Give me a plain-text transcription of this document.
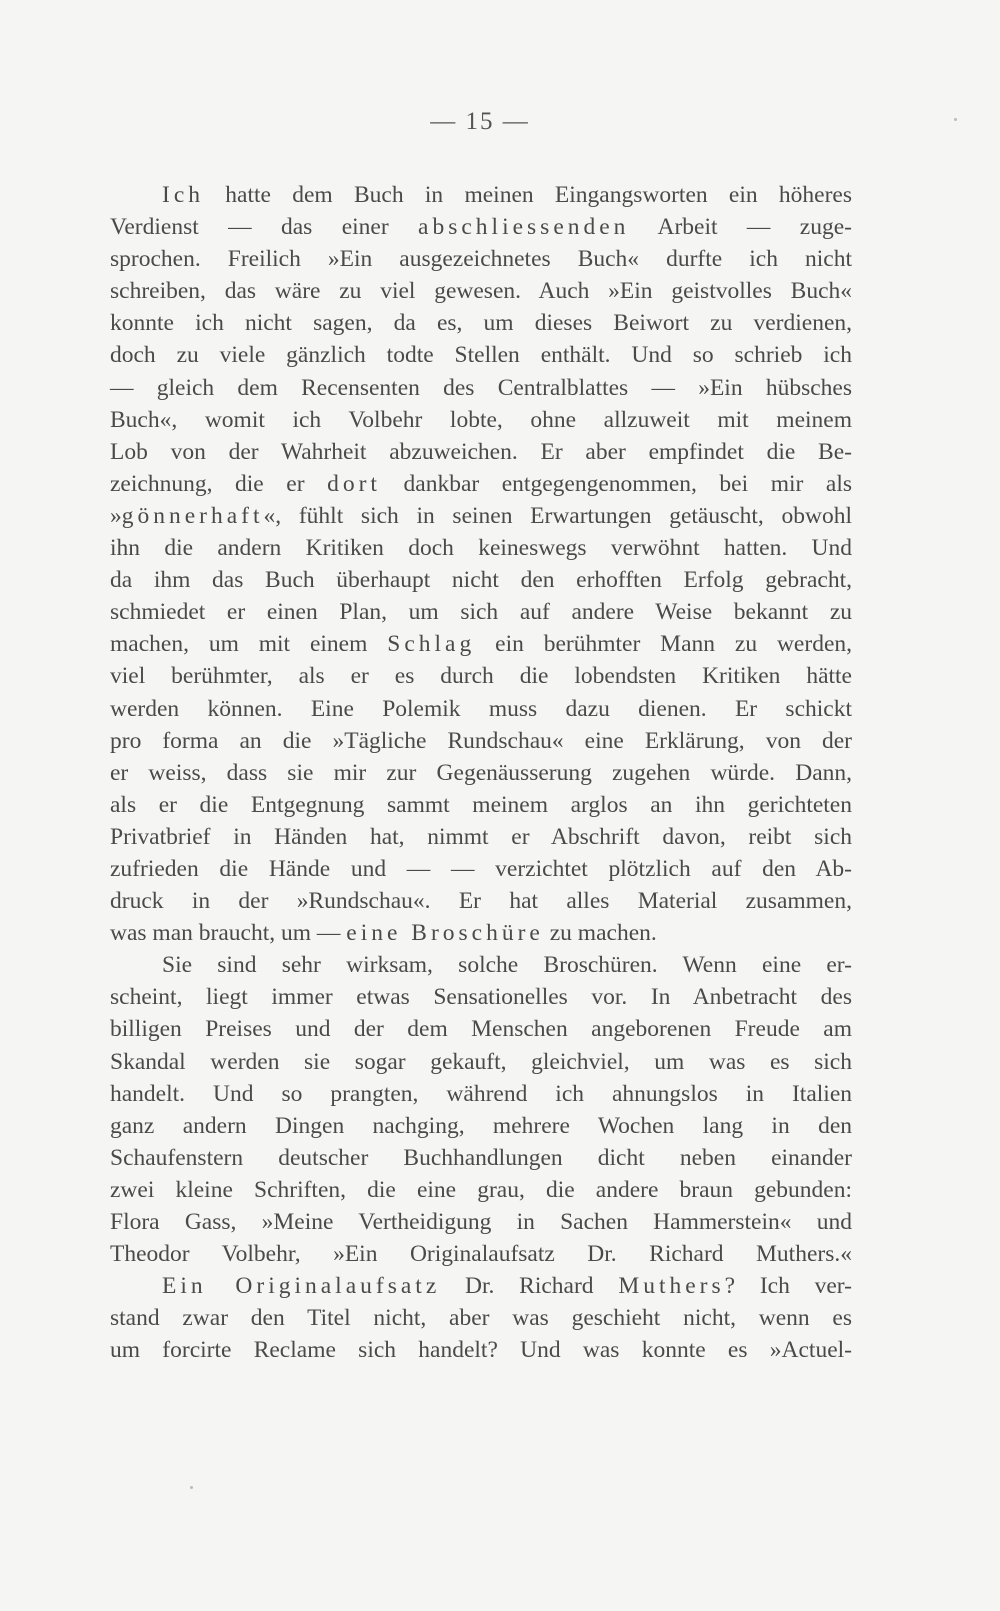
— 15 —
Ich hatte dem Buch in meinen Eingangsworten ein höheres
Verdienst — das einer abschliessenden Arbeit — zuge-
sprochen. Freilich »Ein ausgezeichnetes Buch« durfte ich nicht
schreiben, das wäre zu viel gewesen. Auch »Ein geistvolles Buch«
konnte ich nicht sagen, da es, um dieses Beiwort zu verdienen,
doch zu viele gänzlich todte Stellen enthält. Und so schrieb ich
— gleich dem Recensenten des Centralblattes — »Ein hübsches
Buch«, womit ich Volbehr lobte, ohne allzuweit mit meinem
Lob von der Wahrheit abzuweichen. Er aber empfindet die Be-
zeichnung, die er dort dankbar entgegengenommen, bei mir als
»gönnerhaft«, fühlt sich in seinen Erwartungen getäuscht, obwohl
ihn die andern Kritiken doch keineswegs verwöhnt hatten. Und
da ihm das Buch überhaupt nicht den erhofften Erfolg gebracht,
schmiedet er einen Plan, um sich auf andere Weise bekannt zu
machen, um mit einem Schlag ein berühmter Mann zu werden,
viel berühmter, als er es durch die lobendsten Kritiken hätte
werden können. Eine Polemik muss dazu dienen. Er schickt
pro forma an die »Tägliche Rundschau« eine Erklärung, von der
er weiss, dass sie mir zur Gegenäusserung zugehen würde. Dann,
als er die Entgegnung sammt meinem arglos an ihn gerichteten
Privatbrief in Händen hat, nimmt er Abschrift davon, reibt sich
zufrieden die Hände und — — verzichtet plötzlich auf den Ab-
druck in der »Rundschau«. Er hat alles Material zusammen,
was man braucht, um — eine Broschüre zu machen.
Sie sind sehr wirksam, solche Broschüren. Wenn eine er-
scheint, liegt immer etwas Sensationelles vor. In Anbetracht des
billigen Preises und der dem Menschen angeborenen Freude am
Skandal werden sie sogar gekauft, gleichviel, um was es sich
handelt. Und so prangten, während ich ahnungslos in Italien
ganz andern Dingen nachging, mehrere Wochen lang in den
Schaufenstern deutscher Buchhandlungen dicht neben einander
zwei kleine Schriften, die eine grau, die andere braun gebunden:
Flora Gass, »Meine Vertheidigung in Sachen Hammerstein« und
Theodor Volbehr, »Ein Originalaufsatz Dr. Richard Muthers.«
Ein Originalaufsatz Dr. Richard Muthers? Ich ver-
stand zwar den Titel nicht, aber was geschieht nicht, wenn es
um forcirte Reclame sich handelt? Und was konnte es »Actuel-
